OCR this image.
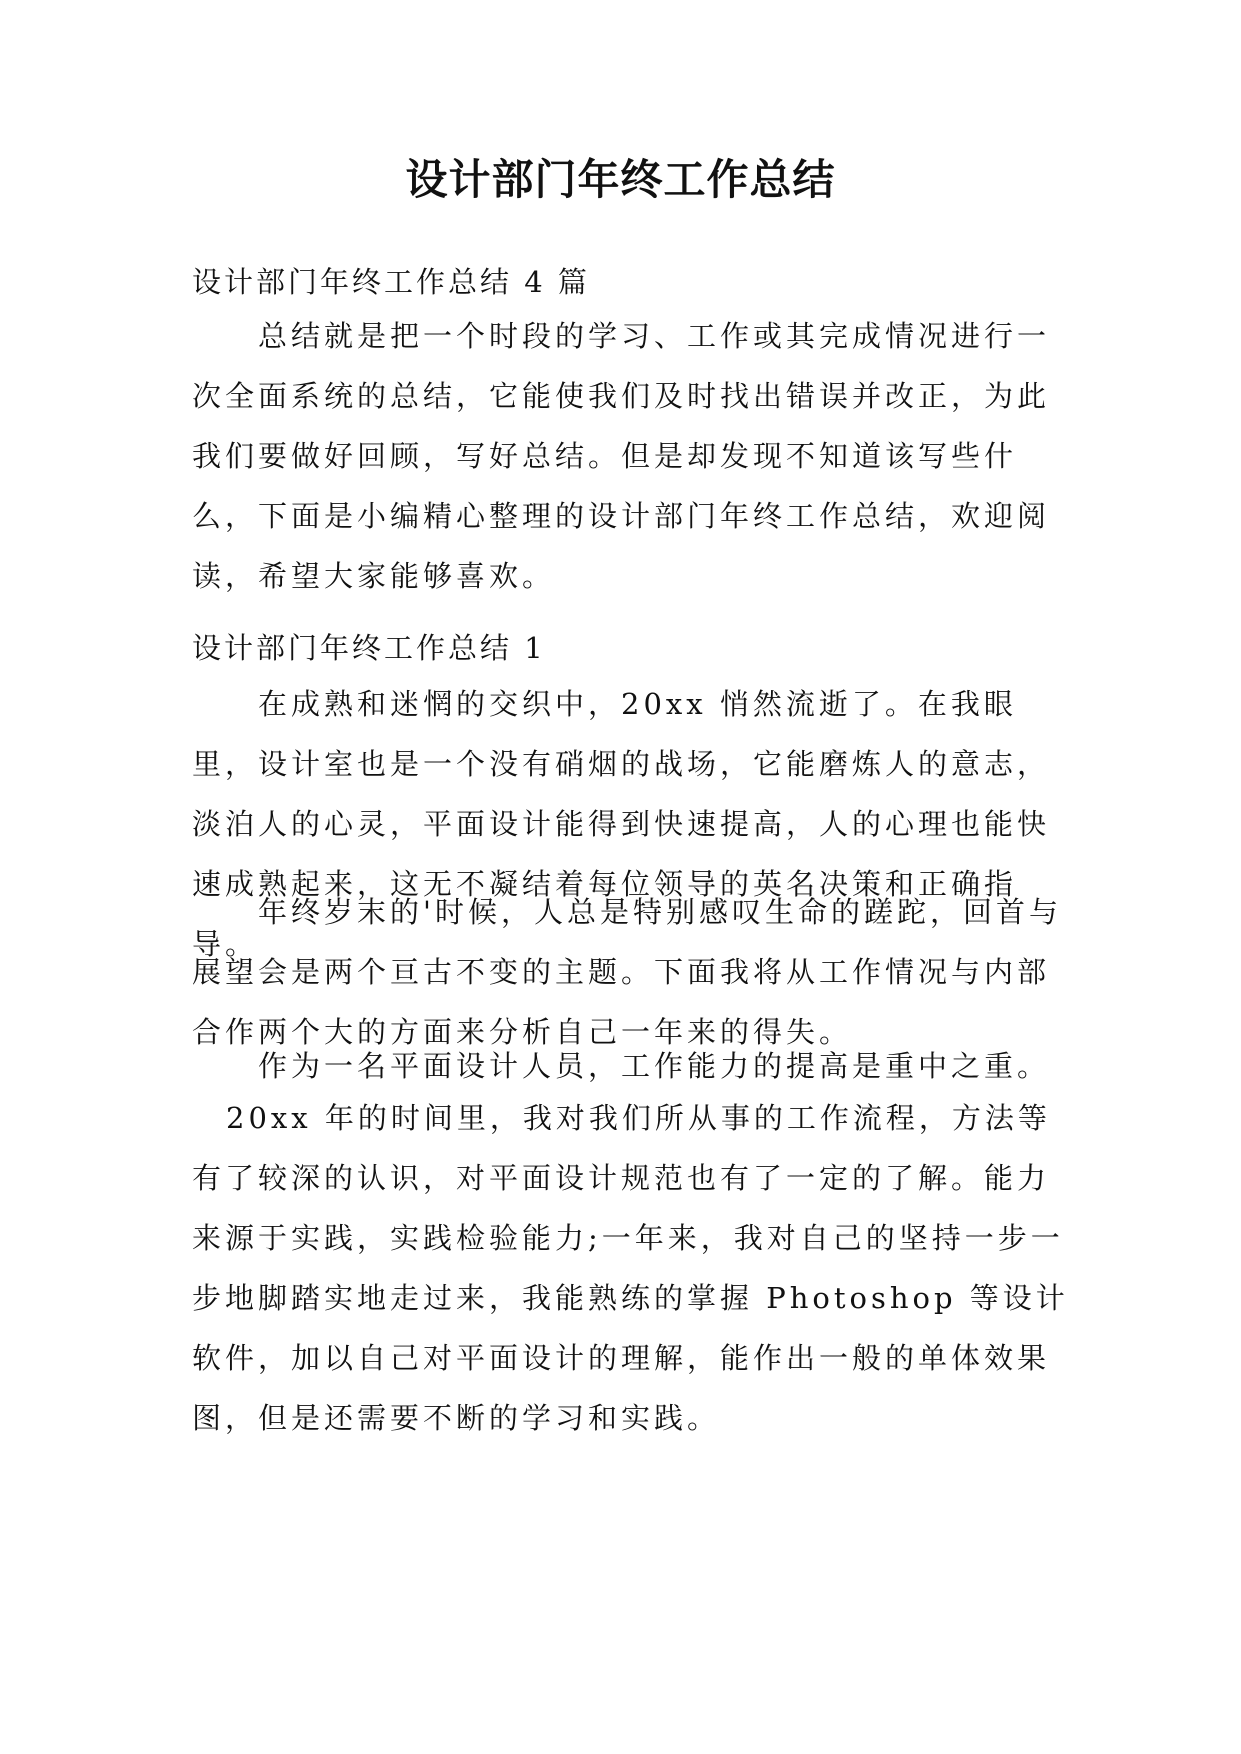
设计部门年终工作总结

设计部门年终工作总结 4 篇

总结就是把一个时段的学习、工作或其完成情况进行一次全面系统的总结，它能使我们及时找出错误并改正，为此我们要做好回顾，写好总结。但是却发现不知道该写些什么，下面是小编精心整理的设计部门年终工作总结，欢迎阅读，希望大家能够喜欢。

设计部门年终工作总结 1

在成熟和迷惘的交织中，20xx 悄然流逝了。在我眼里，设计室也是一个没有硝烟的战场，它能磨炼人的意志，淡泊人的心灵，平面设计能得到快速提高，人的心理也能快速成熟起来，这无不凝结着每位领导的英名决策和正确指导。

年终岁末的'时候，人总是特别感叹生命的蹉跎，回首与展望会是两个亘古不变的主题。下面我将从工作情况与内部合作两个大的方面来分析自己一年来的得失。

作为一名平面设计人员，工作能力的提高是重中之重。

20xx 年的时间里，我对我们所从事的工作流程，方法等有了较深的认识，对平面设计规范也有了一定的了解。能力来源于实践，实践检验能力;一年来，我对自己的坚持一步一步地脚踏实地走过来，我能熟练的掌握 Photoshop 等设计软件，加以自己对平面设计的理解，能作出一般的单体效果图，但是还需要不断的学习和实践。
